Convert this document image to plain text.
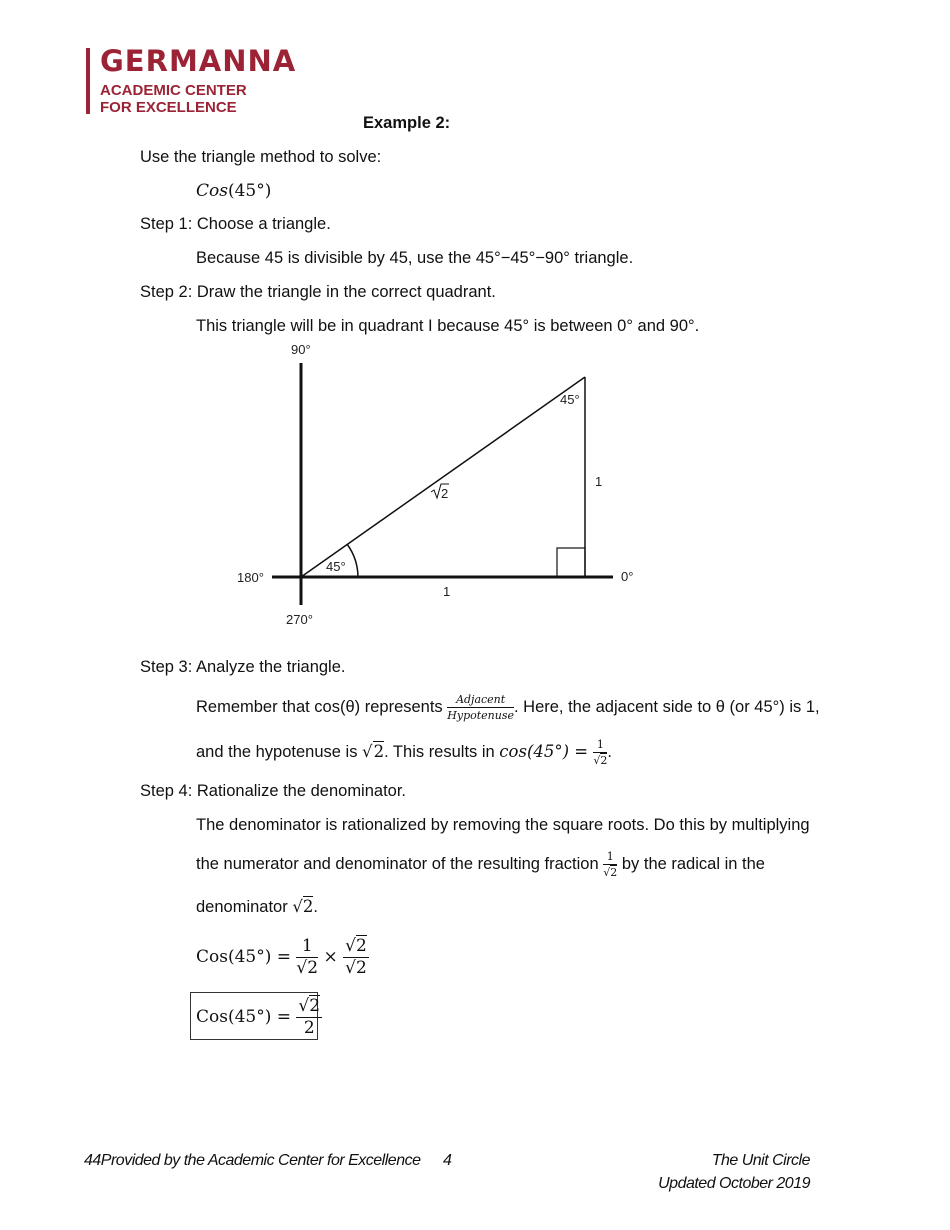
GERMANNA
ACADEMIC CENTER
FOR EXCELLENCE
Example 2:
Use the triangle method to solve:
Cos(45°)
Step 1: Choose a triangle.
Because 45 is divisible by 45, use the 45°−45°−90° triangle.
Step 2: Draw the triangle in the correct quadrant.
This triangle will be in quadrant I because 45° is between 0° and 90°.
90°
180°	0°
270°
45°
45°
2
1
1
Step 3: Analyze the triangle.
Remember that cos(θ) represents $\frac{\text{Adjacent}}{\text{Hypotenuse}}$ . Here, the adjacent side to θ (or 45°) is 1,
and the hypotenuse is √2. This results in $\cos(45^\circ) = \frac{1}{√2}$ .
Step 4: Rationalize the denominator.
The denominator is rationalized by removing the square roots. Do this by multiplying
the numerator and denominator of the resulting fraction $\frac{1}{√2}$ by the radical in the
denominator √2.
$Cos(45^\circ) = \frac{1}{√2} \times \frac{√2}{√2}$
$Cos(45^\circ) = \frac{√2}{2}$
44Provided by the Academic Center for Excellence 4	The Unit Circle
Updated October 2019
